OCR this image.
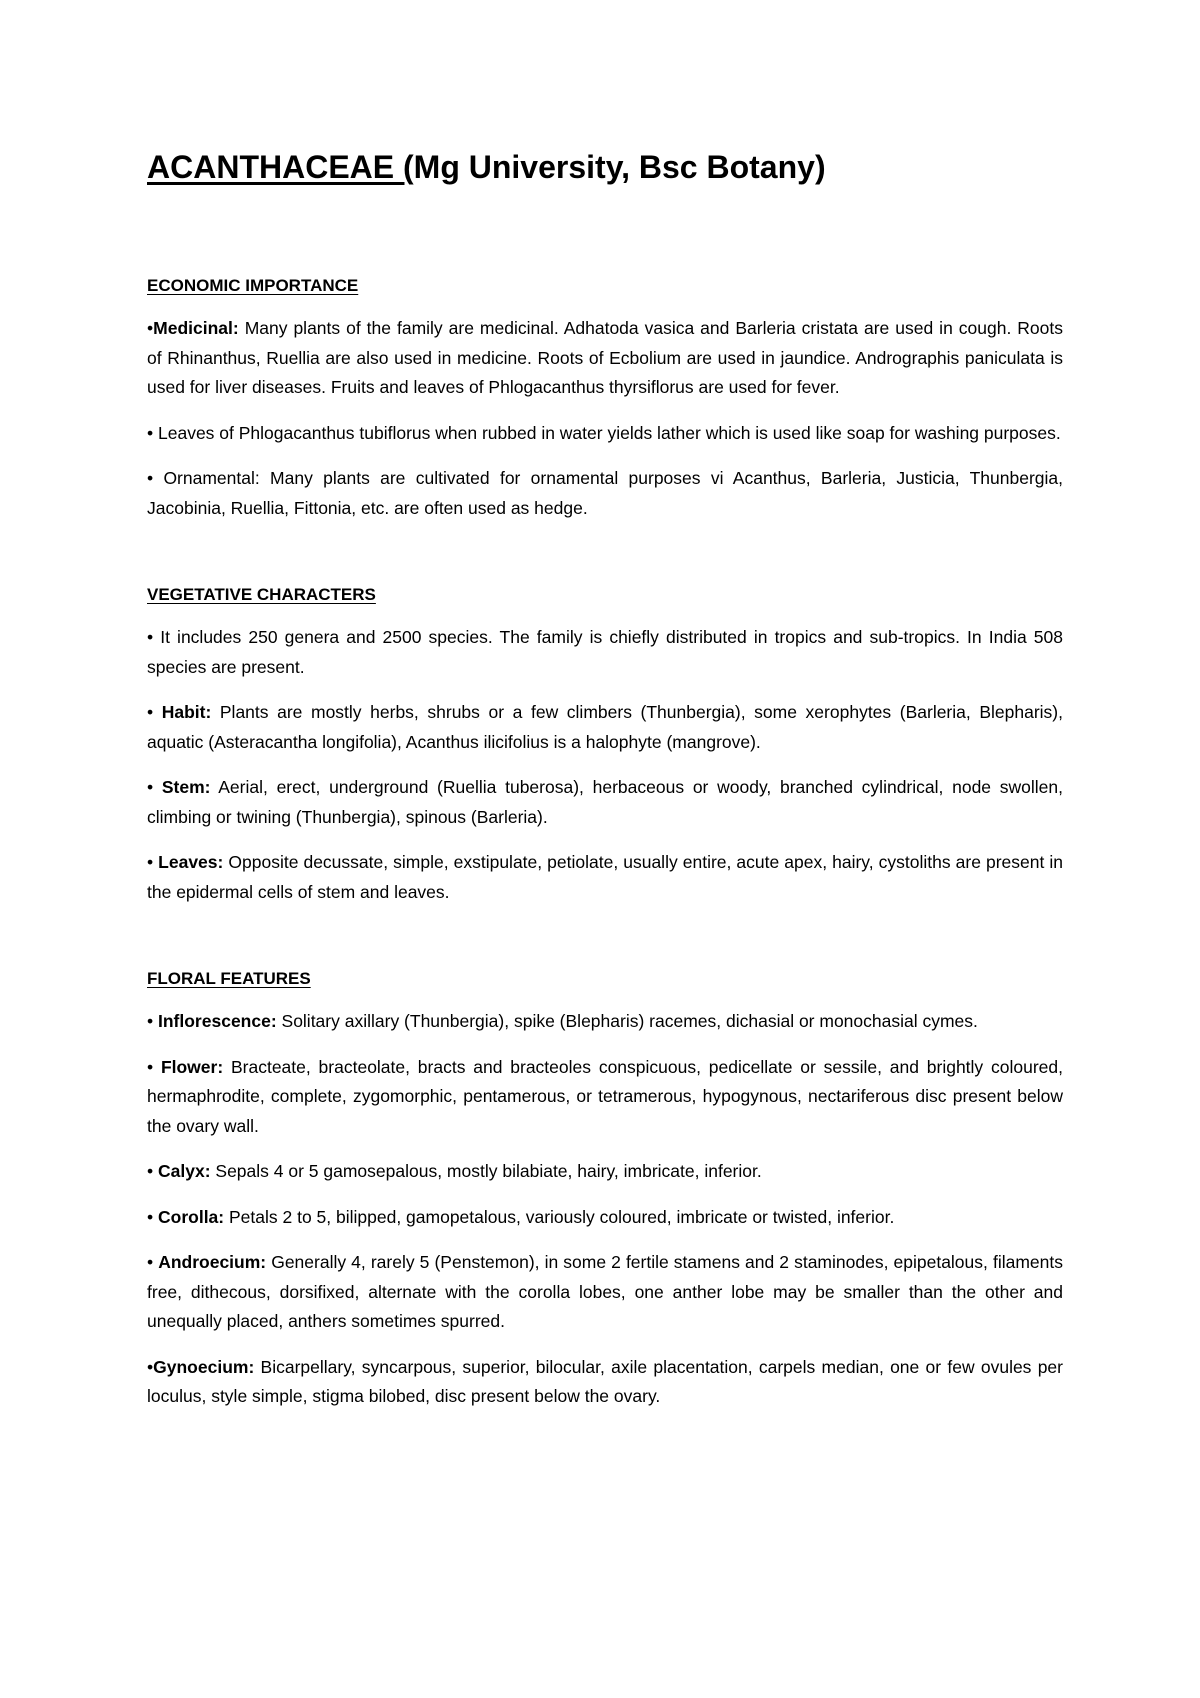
ACANTHACEAE (Mg University, Bsc Botany)
ECONOMIC IMPORTANCE

•Medicinal: Many plants of the family are medicinal. Adhatoda vasica and Barleria cristata are used in cough. Roots of Rhinanthus, Ruellia are also used in medicine. Roots of Ecbolium are used in jaundice. Andrographis paniculata is used for liver diseases. Fruits and leaves of Phlogacanthus thyrsiflorus are used for fever.

• Leaves of Phlogacanthus tubiflorus when rubbed in water yields lather which is used like soap for washing purposes.

• Ornamental: Many plants are cultivated for ornamental purposes vi Acanthus, Barleria, Justicia, Thunbergia, Jacobinia, Ruellia, Fittonia, etc. are often used as hedge.

VEGETATIVE CHARACTERS

• It includes 250 genera and 2500 species. The family is chiefly distributed in tropics and sub-tropics. In India 508 species are present.

• Habit: Plants are mostly herbs, shrubs or a few climbers (Thunbergia), some xerophytes (Barleria, Blepharis), aquatic (Asteracantha longifolia), Acanthus ilicifolius is a halophyte (mangrove).

• Stem: Aerial, erect, underground (Ruellia tuberosa), herbaceous or woody, branched cylindrical, node swollen, climbing or twining (Thunbergia), spinous (Barleria).

• Leaves: Opposite decussate, simple, exstipulate, petiolate, usually entire, acute apex, hairy, cystoliths are present in the epidermal cells of stem and leaves.

FLORAL FEATURES

• Inflorescence: Solitary axillary (Thunbergia), spike (Blepharis) racemes, dichasial or monochasial cymes.

• Flower: Bracteate, bracteolate, bracts and bracteoles conspicuous, pedicellate or sessile, and brightly coloured, hermaphrodite, complete, zygomorphic, pentamerous, or tetramerous, hypogynous, nectariferous disc present below the ovary wall.

• Calyx: Sepals 4 or 5 gamosepalous, mostly bilabiate, hairy, imbricate, inferior.

• Corolla: Petals 2 to 5, bilipped, gamopetalous, variously coloured, imbricate or twisted, inferior.

• Androecium: Generally 4, rarely 5 (Penstemon), in some 2 fertile stamens and 2 staminodes, epipetalous, filaments free, dithecous, dorsifixed, alternate with the corolla lobes, one anther lobe may be smaller than the other and unequally placed, anthers sometimes spurred.

•Gynoecium: Bicarpellary, syncarpous, superior, bilocular, axile placentation, carpels median, one or few ovules per loculus, style simple, stigma bilobed, disc present below the ovary.
